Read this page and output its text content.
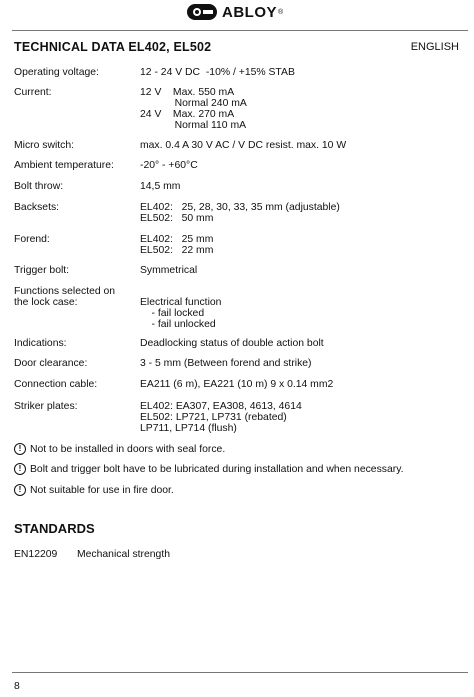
ABLOY ®
TECHNICAL DATA EL402, EL502	ENGLISH
Operating voltage:	12 - 24 V DC  -10% / +15% STAB
Current:	12 V    Max. 550 mA
Normal 240 mA
24 V    Max. 270 mA
Normal 110 mA
Micro switch:	max. 0.4 A 30 V AC / V DC resist. max. 10 W
Ambient temperature:	-20° - +60°C
Bolt throw:	14,5 mm
Backsets:	EL402:   25, 28, 30, 33, 35 mm (adjustable)
EL502:   50 mm
Forend:	EL402:   25 mm
EL502:   22 mm
Trigger bolt:	Symmetrical
Functions selected on
the lock case:
	Electrical function
- fail locked
- fail unlocked
Indications:	Deadlocking status of double action bolt
Door clearance:	3 - 5 mm (Between forend and strike)
Connection cable:	EA211 (6 m), EA221 (10 m) 9 x 0.14 mm2
Striker plates:	EL402: EA307, EA308, 4613, 4614
EL502: LP721, LP731 (rebated)
LP711, LP714 (flush)
! Not to be installed in doors with seal force.
! Bolt and trigger bolt have to be lubricated during installation and when necessary.
! Not suitable for use in fire door.
STANDARDS
EN12209 Mechanical strength
8
